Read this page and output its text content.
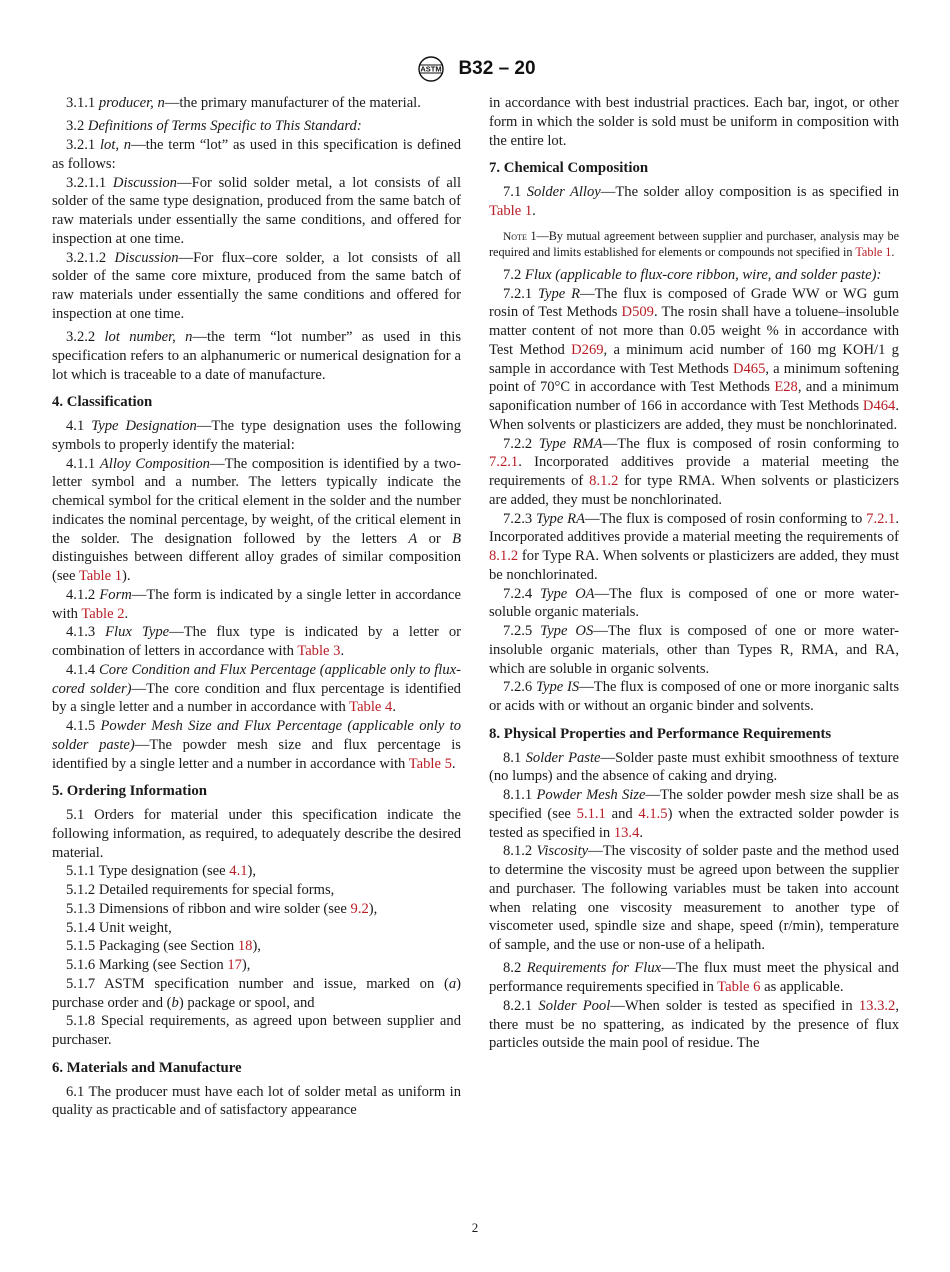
ASTM B32 – 20

3.1.1 producer, n—the primary manufacturer of the material.

3.2 Definitions of Terms Specific to This Standard:

3.2.1 lot, n—the term “lot” as used in this specification is defined as follows:

3.2.1.1 Discussion—For solid solder metal, a lot consists of all solder of the same type designation, produced from the same batch of raw materials under essentially the same conditions, and offered for inspection at one time.

3.2.1.2 Discussion—For flux–core solder, a lot consists of all solder of the same core mixture, produced from the same batch of raw materials under essentially the same conditions and offered for inspection at one time.

3.2.2 lot number, n—the term “lot number” as used in this specification refers to an alphanumeric or numerical designation for a lot which is traceable to a date of manufacture.

4. Classification

4.1 Type Designation—The type designation uses the following symbols to properly identify the material:

4.1.1 Alloy Composition—The composition is identified by a two-letter symbol and a number. The letters typically indicate the chemical symbol for the critical element in the solder and the number indicates the nominal percentage, by weight, of the critical element in the solder. The designation followed by the letters A or B distinguishes between different alloy grades of similar composition (see Table 1).

4.1.2 Form—The form is indicated by a single letter in accordance with Table 2.

4.1.3 Flux Type—The flux type is indicated by a letter or combination of letters in accordance with Table 3.

4.1.4 Core Condition and Flux Percentage (applicable only to flux-cored solder)—The core condition and flux percentage is identified by a single letter and a number in accordance with Table 4.

4.1.5 Powder Mesh Size and Flux Percentage (applicable only to solder paste)—The powder mesh size and flux percentage is identified by a single letter and a number in accordance with Table 5.

5. Ordering Information

5.1 Orders for material under this specification indicate the following information, as required, to adequately describe the desired material.

5.1.1 Type designation (see 4.1),

5.1.2 Detailed requirements for special forms,

5.1.3 Dimensions of ribbon and wire solder (see 9.2),

5.1.4 Unit weight,

5.1.5 Packaging (see Section 18),

5.1.6 Marking (see Section 17),

5.1.7 ASTM specification number and issue, marked on (a) purchase order and (b) package or spool, and

5.1.8 Special requirements, as agreed upon between supplier and purchaser.

6. Materials and Manufacture

6.1 The producer must have each lot of solder metal as uniform in quality as practicable and of satisfactory appearance

in accordance with best industrial practices. Each bar, ingot, or other form in which the solder is sold must be uniform in composition with the entire lot.

7. Chemical Composition

7.1 Solder Alloy—The solder alloy composition is as specified in Table 1.

Note 1—By mutual agreement between supplier and purchaser, analysis may be required and limits established for elements or compounds not specified in Table 1.

7.2 Flux (applicable to flux-core ribbon, wire, and solder paste):

7.2.1 Type R—The flux is composed of Grade WW or WG gum rosin of Test Methods D509. The rosin shall have a toluene–insoluble matter content of not more than 0.05 weight % in accordance with Test Method D269, a minimum acid number of 160 mg KOH/1 g sample in accordance with Test Methods D465, a minimum softening point of 70°C in accordance with Test Methods E28, and a minimum saponification number of 166 in accordance with Test Methods D464. When solvents or plasticizers are added, they must be nonchlorinated.

7.2.2 Type RMA—The flux is composed of rosin conforming to 7.2.1. Incorporated additives provide a material meeting the requirements of 8.1.2 for type RMA. When solvents or plasticizers are added, they must be nonchlorinated.

7.2.3 Type RA—The flux is composed of rosin conforming to 7.2.1. Incorporated additives provide a material meeting the requirements of 8.1.2 for Type RA. When solvents or plasticizers are added, they must be nonchlorinated.

7.2.4 Type OA—The flux is composed of one or more water-soluble organic materials.

7.2.5 Type OS—The flux is composed of one or more water-insoluble organic materials, other than Types R, RMA, and RA, which are soluble in organic solvents.

7.2.6 Type IS—The flux is composed of one or more inorganic salts or acids with or without an organic binder and solvents.

8. Physical Properties and Performance Requirements

8.1 Solder Paste—Solder paste must exhibit smoothness of texture (no lumps) and the absence of caking and drying.

8.1.1 Powder Mesh Size—The solder powder mesh size shall be as specified (see 5.1.1 and 4.1.5) when the extracted solder powder is tested as specified in 13.4.

8.1.2 Viscosity—The viscosity of solder paste and the method used to determine the viscosity must be agreed upon between the supplier and purchaser. The following variables must be taken into account when relating one viscosity measurement to another type of viscometer used, spindle size and shape, speed (r/min), temperature of sample, and the use or non-use of a helipath.

8.2 Requirements for Flux—The flux must meet the physical and performance requirements specified in Table 6 as applicable.

8.2.1 Solder Pool—When solder is tested as specified in 13.3.2, there must be no spattering, as indicated by the presence of flux particles outside the main pool of residue. The

2
